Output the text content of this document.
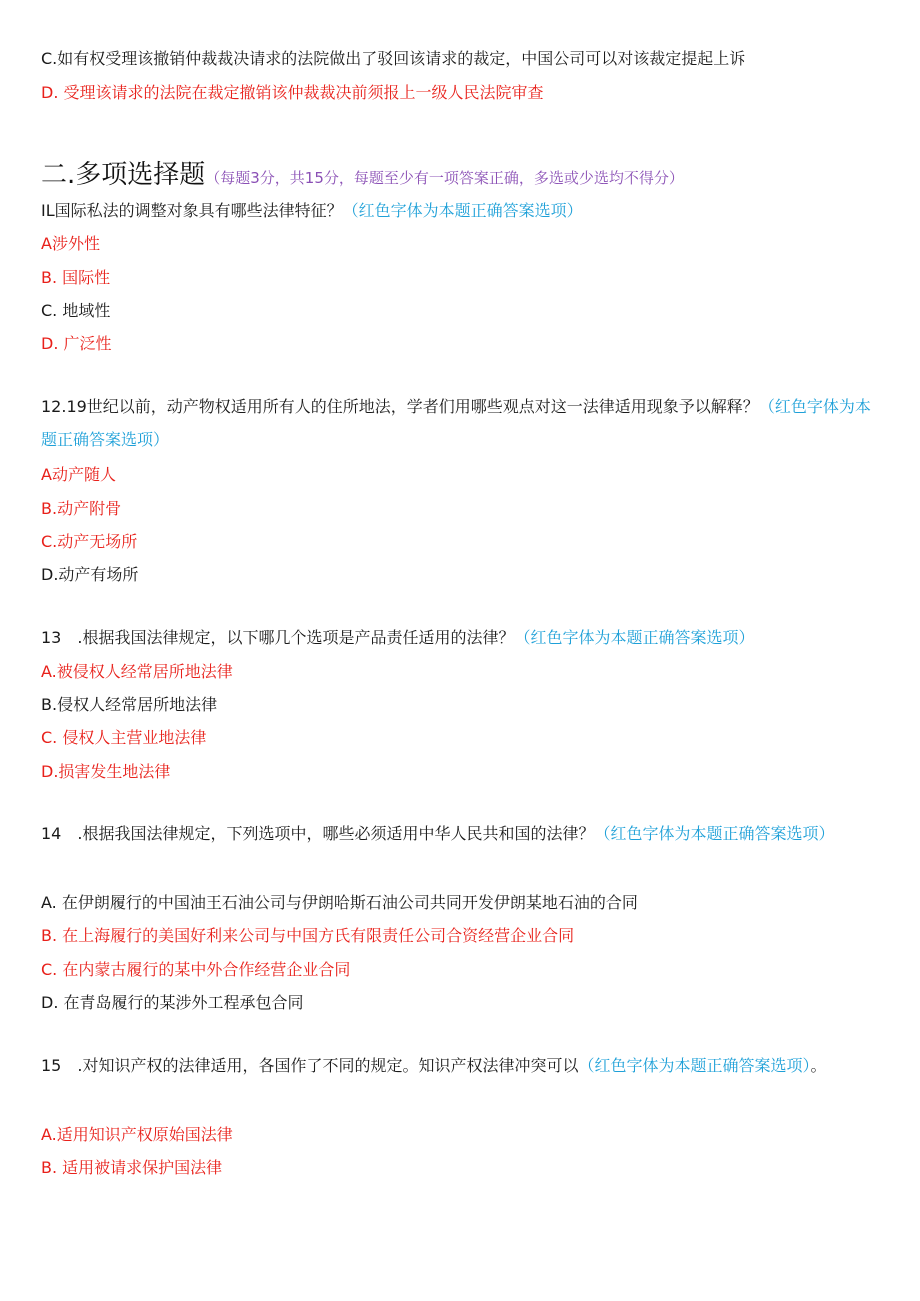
C.如有权受理该撤销仲裁裁决请求的法院做出了驳回该请求的裁定，中国公司可以对该裁定提起上诉
D. 受理该请求的法院在裁定撤销该仲裁裁决前须报上一级人民法院审查
二.多项选择题（每题3分，共15分，每题至少有一项答案正确，多选或少选均不得分）
IL国际私法的调整对象具有哪些法律特征？（红色字体为本题正确答案选项）
A涉外性
B. 国际性
C. 地域性
D. 广泛性
12.19世纪以前，动产物权适用所有人的住所地法，学者们用哪些观点对这一法律适用现象予以解释？（红色字体为本题正确答案选项）
A动产随人
B.动产附骨
C.动产无场所
D.动产有场所
13　.根据我国法律规定，以下哪几个选项是产品责任适用的法律？（红色字体为本题正确答案选项）
A.被侵权人经常居所地法律
B.侵权人经常居所地法律
C. 侵权人主营业地法律
D.损害发生地法律
14　.根据我国法律规定，下列选项中，哪些必须适用中华人民共和国的法律？（红色字体为本题正确答案选项）
A. 在伊朗履行的中国油王石油公司与伊朗哈斯石油公司共同开发伊朗某地石油的合同
B. 在上海履行的美国好利来公司与中国方氏有限责任公司合资经营企业合同
C. 在内蒙古履行的某中外合作经营企业合同
D. 在青岛履行的某涉外工程承包合同
15　.对知识产权的法律适用，各国作了不同的规定。知识产权法律冲突可以（红色字体为本题正确答案选项）。
A.适用知识产权原始国法律
B. 适用被请求保护国法律
